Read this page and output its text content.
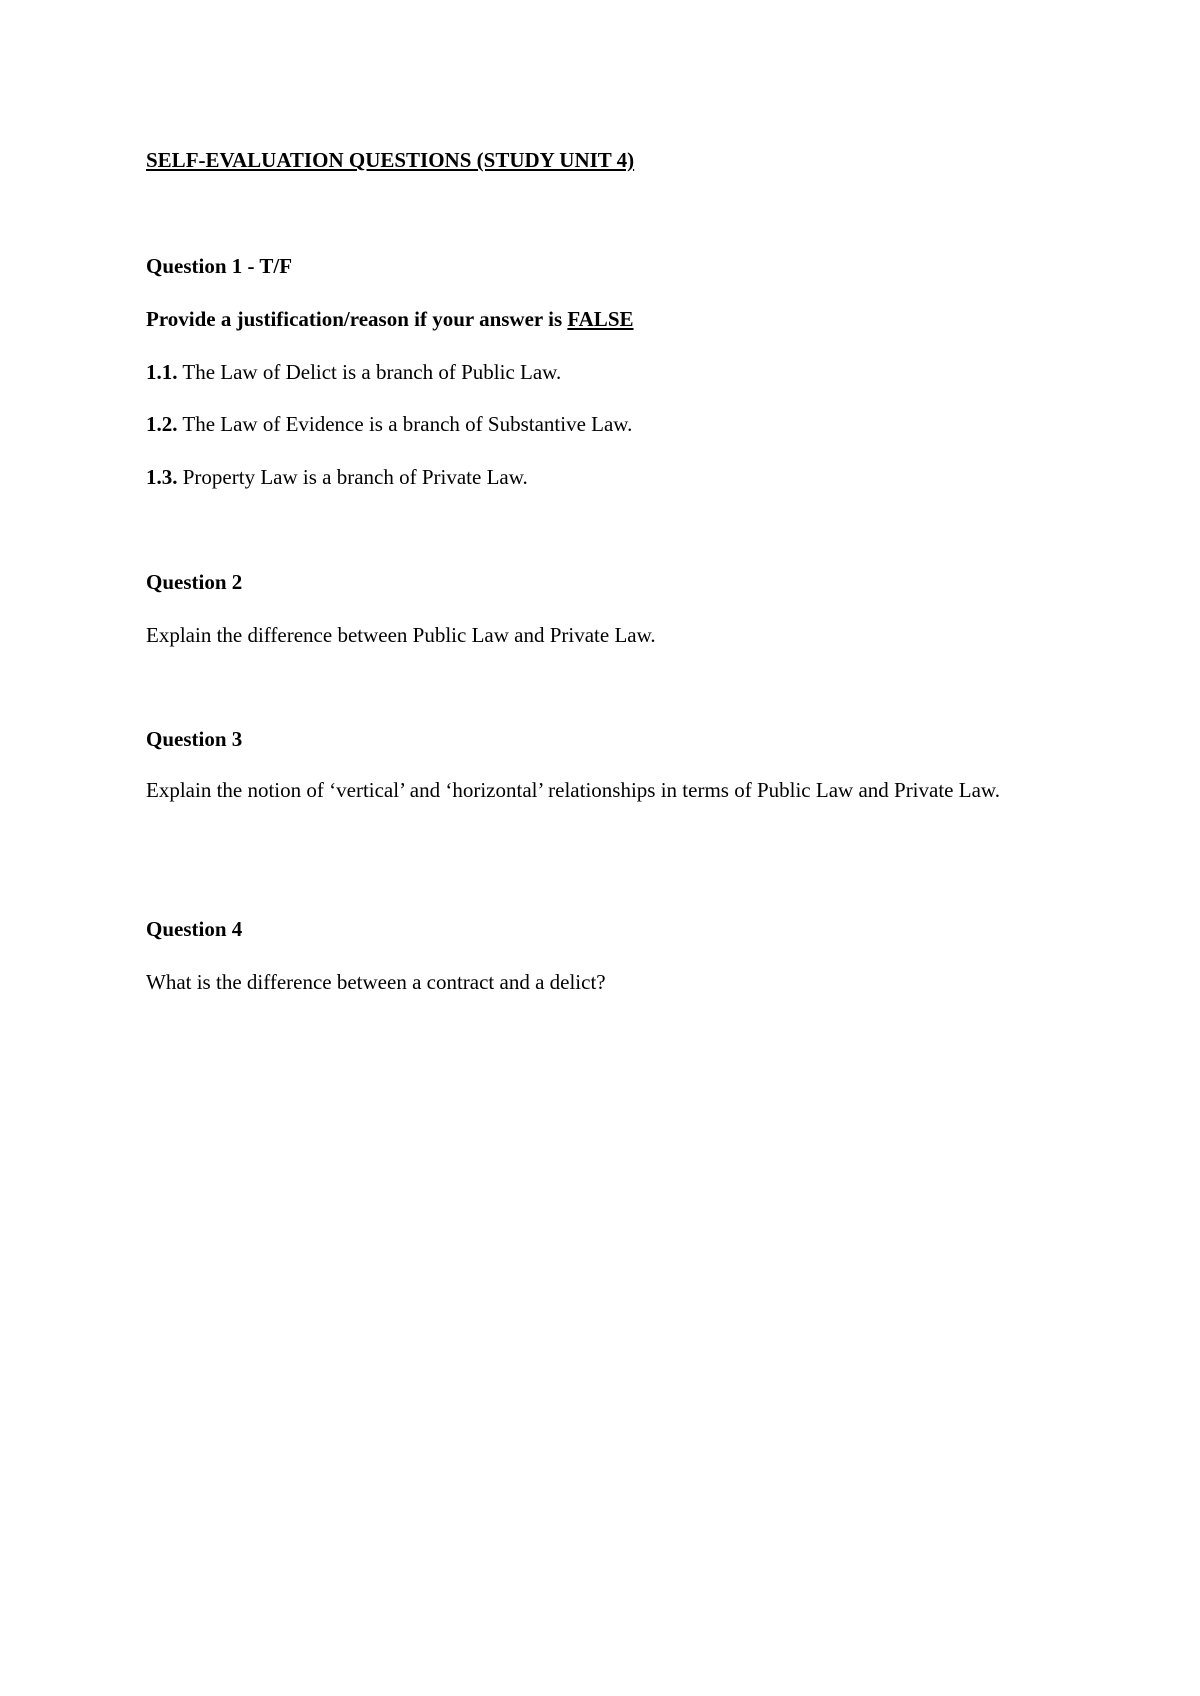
SELF-EVALUATION QUESTIONS (STUDY UNIT 4)
Question 1 - T/F
Provide a justification/reason if your answer is FALSE
1.1. The Law of Delict is a branch of Public Law.
1.2. The Law of Evidence is a branch of Substantive Law.
1.3. Property Law is a branch of Private Law.
Question 2
Explain the difference between Public Law and Private Law.
Question 3
Explain the notion of ‘vertical’ and ‘horizontal’ relationships in terms of Public Law and Private Law.
Question 4
What is the difference between a contract and a delict?
